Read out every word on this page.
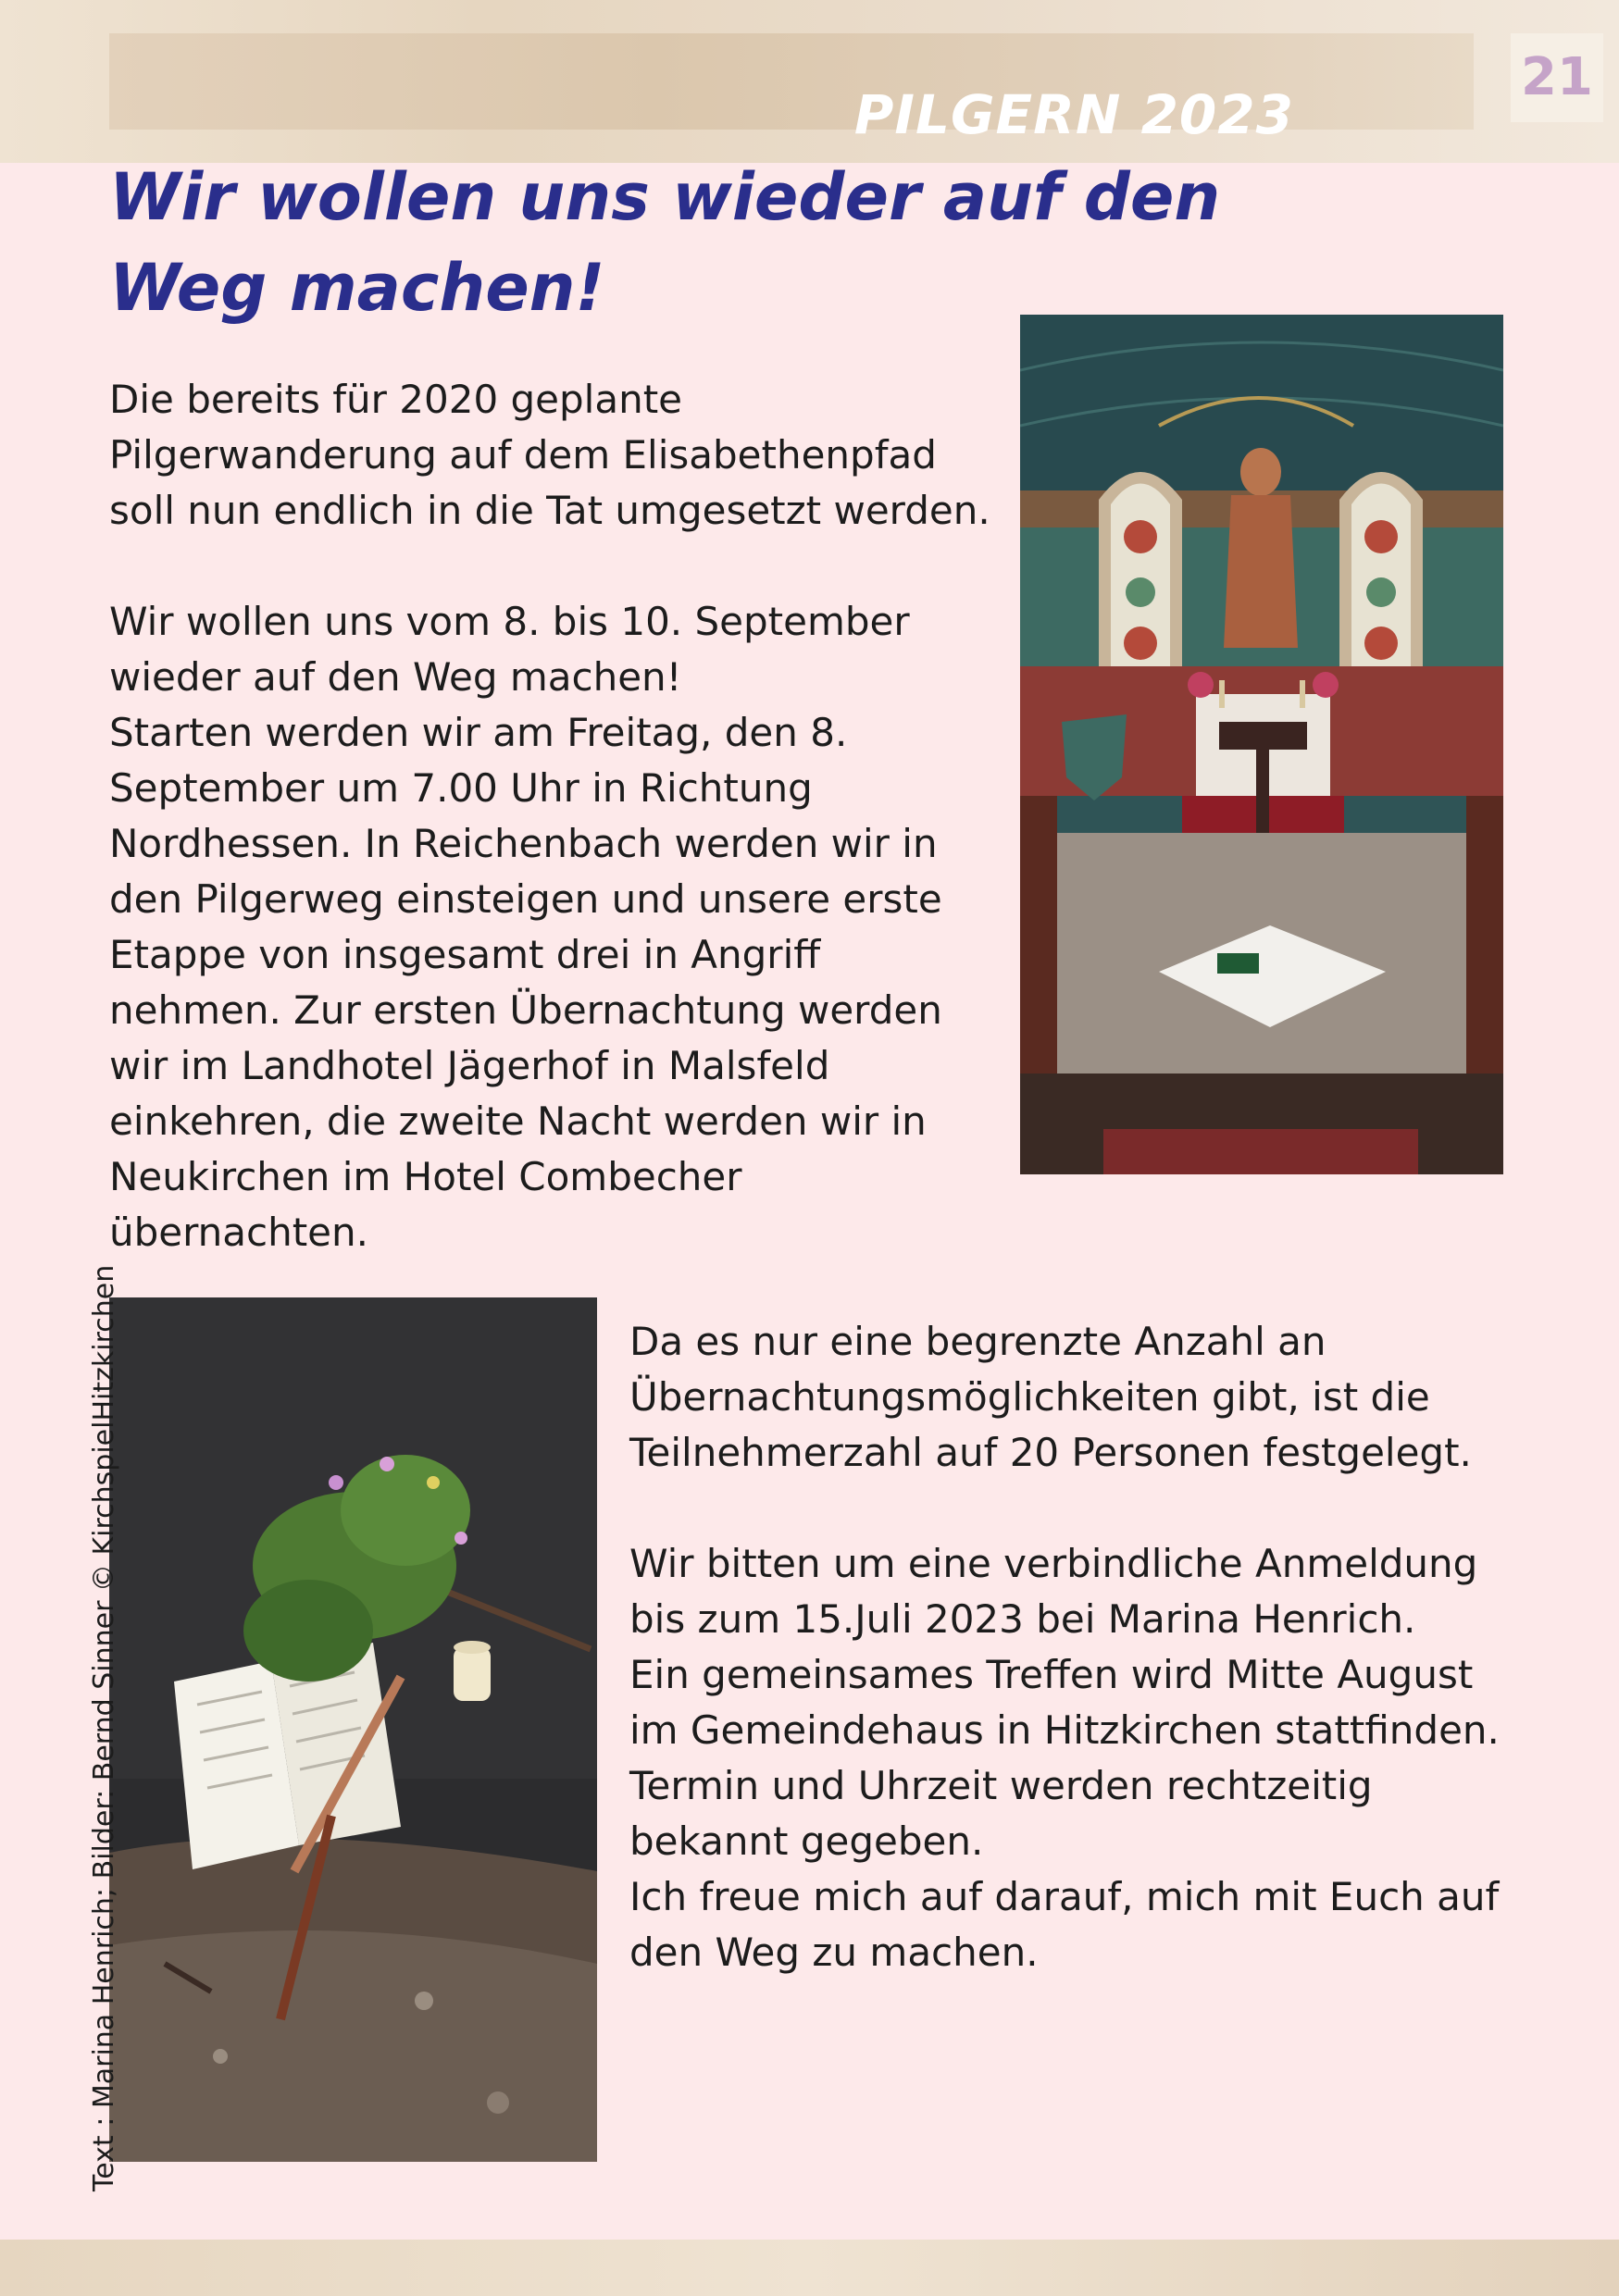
PILGERN 2023
21
Wir wollen uns wieder auf den Weg machen!

Die bereits für 2020 geplante
Pilgerwanderung auf dem Elisabethenpfad
soll nun endlich in die Tat umgesetzt werden.

Wir wollen uns vom 8. bis 10. September
wieder auf den Weg machen!
Starten werden wir am Freitag, den 8.
September um 7.00 Uhr in Richtung
Nordhessen. In Reichenbach werden wir in
den Pilgerweg einsteigen und unsere erste
Etappe von insgesamt drei in Angriff
nehmen. Zur ersten Übernachtung werden
wir im Landhotel Jägerhof in Malsfeld
einkehren, die zweite Nacht werden wir in
Neukirchen im Hotel Combecher
übernachten.

Da es nur eine begrenzte Anzahl an
Übernachtungsmöglichkeiten gibt, ist die
Teilnehmerzahl auf 20 Personen festgelegt.

Wir bitten um eine verbindliche Anmeldung
bis zum 15.Juli 2023 bei Marina Henrich.
Ein gemeinsames Treffen wird Mitte August
im Gemeindehaus in Hitzkirchen stattfinden.
Termin und Uhrzeit werden rechtzeitig
bekannt gegeben.
Ich freue mich auf darauf, mich mit Euch auf
den Weg zu machen.

Text : Marina Henrich; Bilder: Bernd Sinner © KirchspielHitzkirchen
